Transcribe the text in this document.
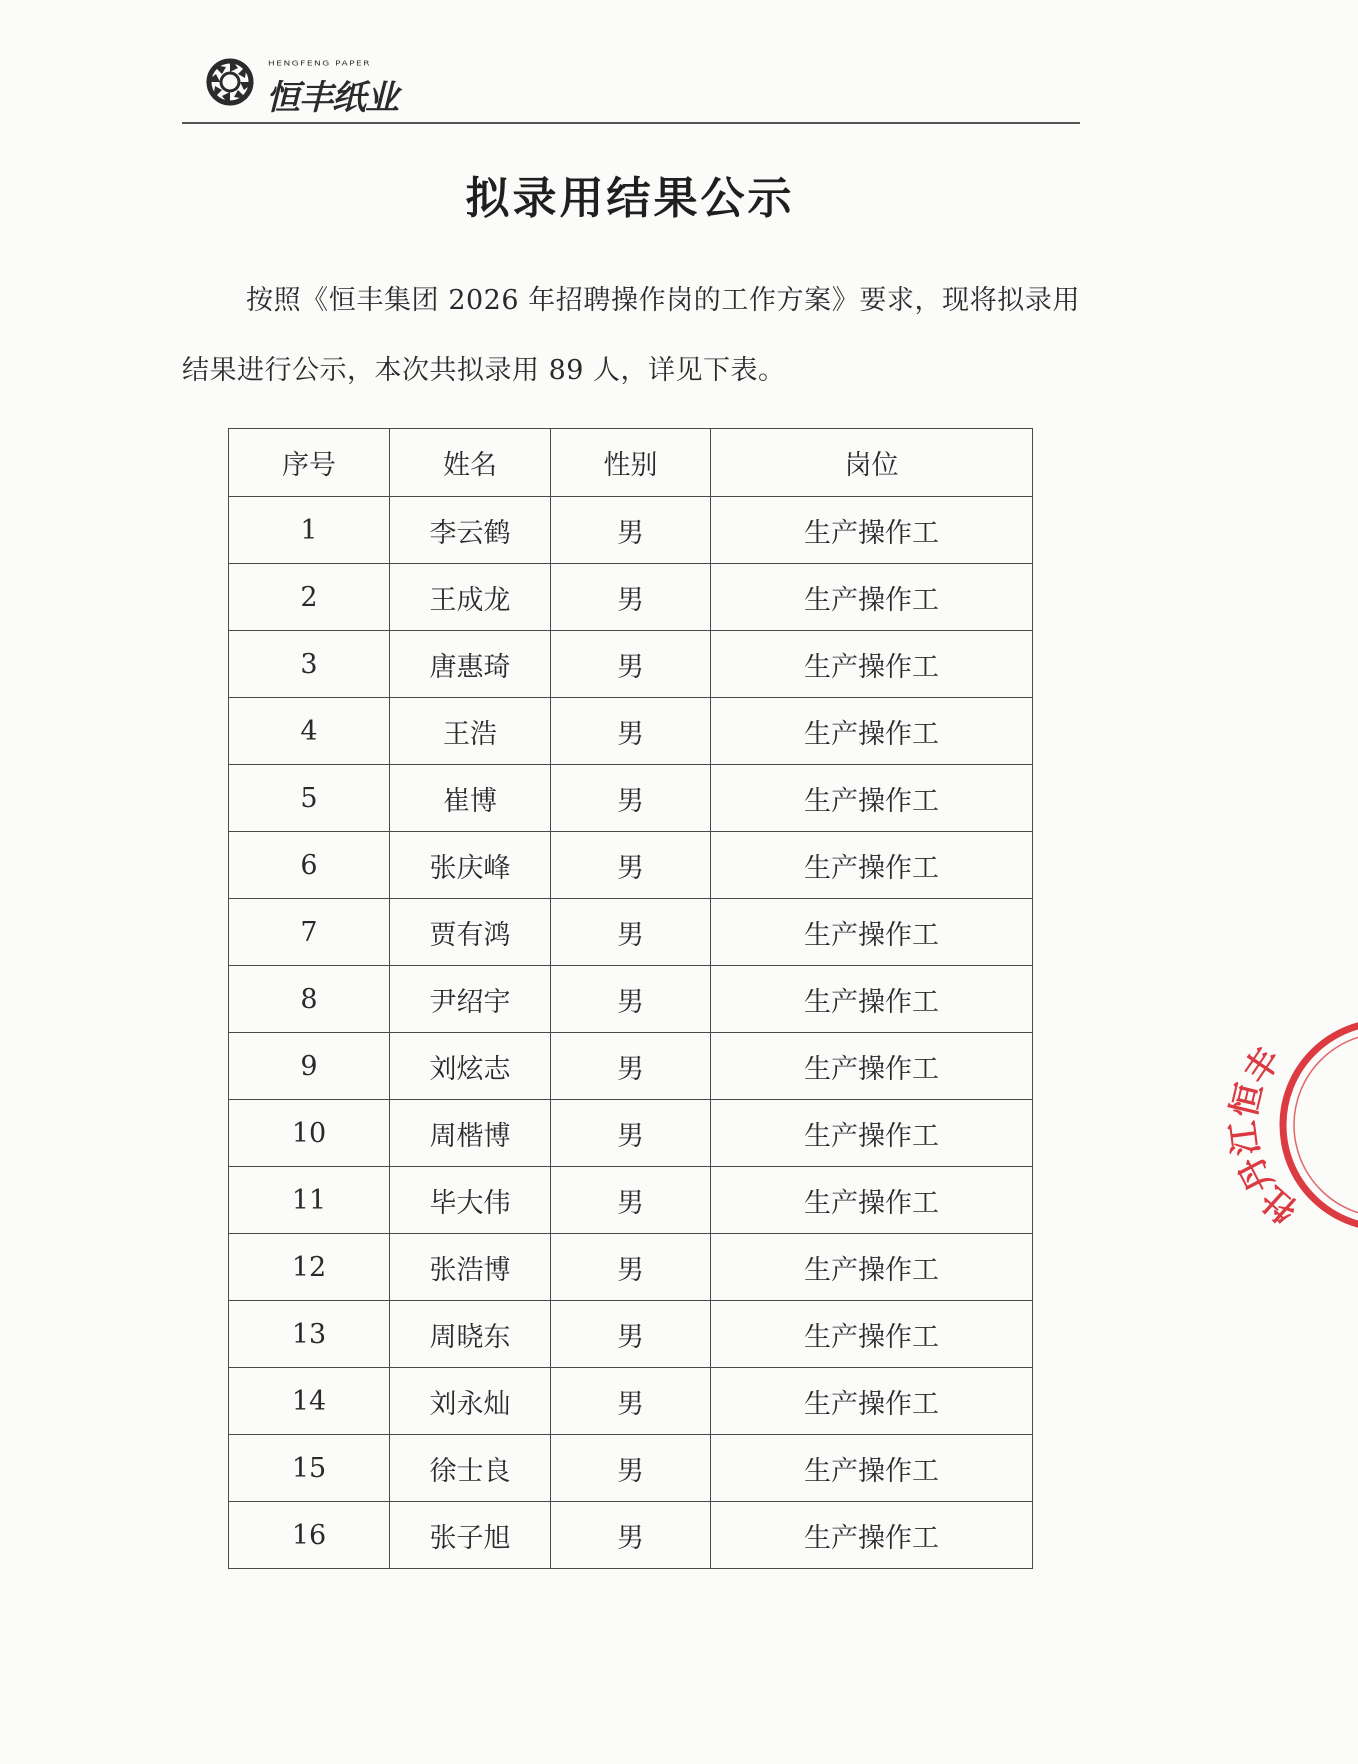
HENGFENG PAPER
恒丰纸业
拟录用结果公示
按照《恒丰集团 2026 年招聘操作岗的工作方案》要求，现将拟录用结果进行公示，本次共拟录用 89 人，详见下表。
序号	姓名	性别	岗位
1	李云鹤	男	生产操作工
2	王成龙	男	生产操作工
3	唐惠琦	男	生产操作工
4	王浩	男	生产操作工
5	崔博	男	生产操作工
6	张庆峰	男	生产操作工
7	贾有鸿	男	生产操作工
8	尹绍宇	男	生产操作工
9	刘炫志	男	生产操作工
10	周楷博	男	生产操作工
11	毕大伟	男	生产操作工
12	张浩博	男	生产操作工
13	周晓东	男	生产操作工
14	刘永灿	男	生产操作工
15	徐士良	男	生产操作工
16	张子旭	男	生产操作工
牡丹江恒丰
